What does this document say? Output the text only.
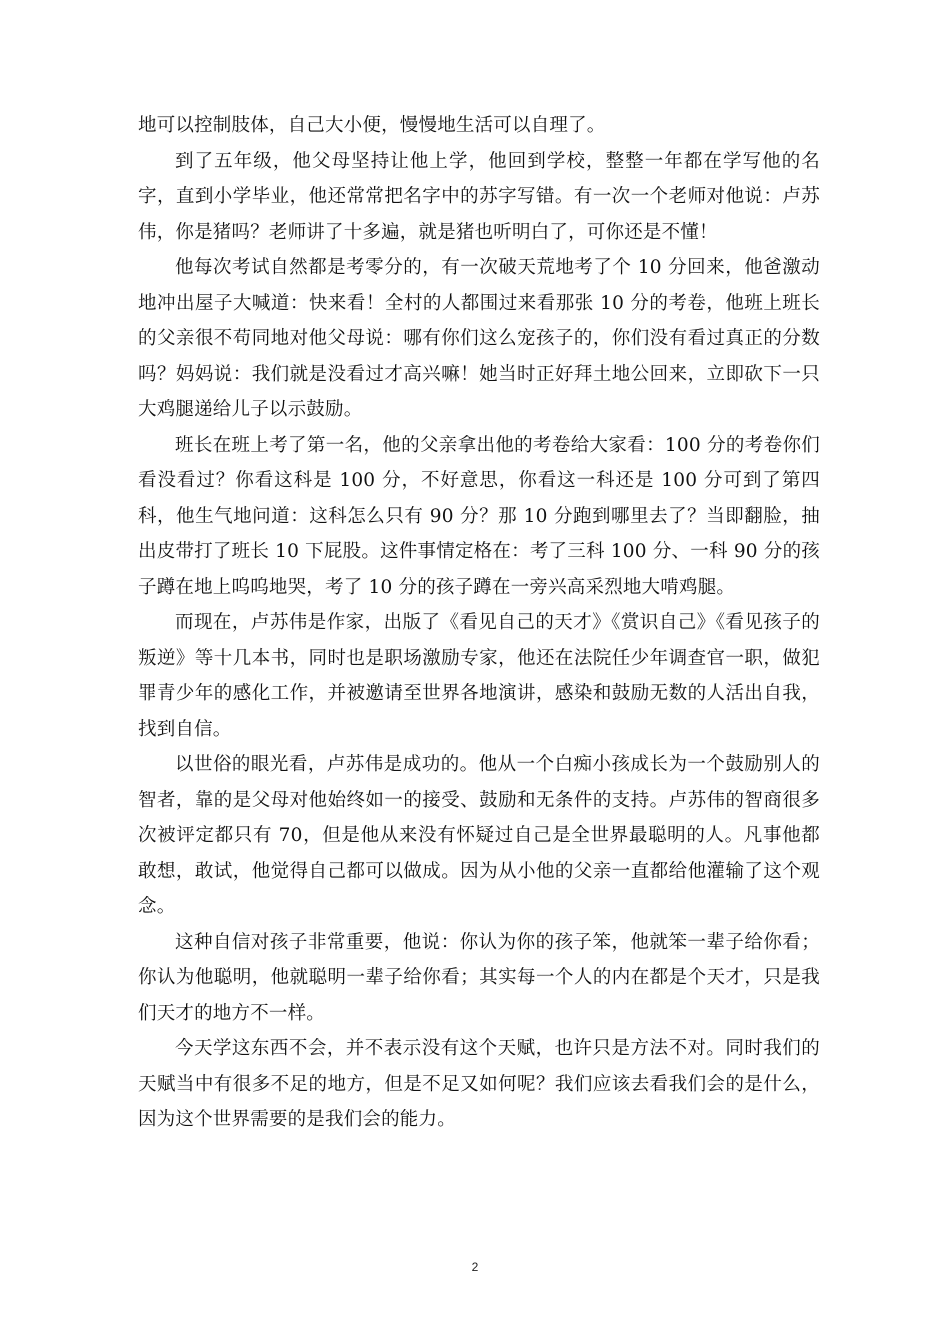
地可以控制肢体，自己大小便，慢慢地生活可以自理了。

到了五年级，他父母坚持让他上学，他回到学校，整整一年都在学写他的名字，直到小学毕业，他还常常把名字中的苏字写错。有一次一个老师对他说：卢苏伟，你是猪吗？老师讲了十多遍，就是猪也听明白了，可你还是不懂！

他每次考试自然都是考零分的，有一次破天荒地考了个 10 分回来，他爸激动地冲出屋子大喊道：快来看！全村的人都围过来看那张 10 分的考卷，他班上班长的父亲很不苟同地对他父母说：哪有你们这么宠孩子的，你们没有看过真正的分数吗？妈妈说：我们就是没看过才高兴嘛！她当时正好拜土地公回来，立即砍下一只大鸡腿递给儿子以示鼓励。

班长在班上考了第一名，他的父亲拿出他的考卷给大家看：100 分的考卷你们看没看过？你看这科是 100 分，不好意思，你看这一科还是 100 分可到了第四科，他生气地问道：这科怎么只有 90 分？那 10 分跑到哪里去了？当即翻脸，抽出皮带打了班长 10 下屁股。这件事情定格在：考了三科 100 分、一科 90 分的孩子蹲在地上呜呜地哭，考了 10 分的孩子蹲在一旁兴高采烈地大啃鸡腿。

而现在，卢苏伟是作家，出版了《看见自己的天才》《赏识自己》《看见孩子的叛逆》等十几本书，同时也是职场激励专家，他还在法院任少年调查官一职，做犯罪青少年的感化工作，并被邀请至世界各地演讲，感染和鼓励无数的人活出自我，找到自信。

以世俗的眼光看，卢苏伟是成功的。他从一个白痴小孩成长为一个鼓励别人的智者，靠的是父母对他始终如一的接受、鼓励和无条件的支持。卢苏伟的智商很多次被评定都只有 70，但是他从来没有怀疑过自己是全世界最聪明的人。凡事他都敢想，敢试，他觉得自己都可以做成。因为从小他的父亲一直都给他灌输了这个观念。

这种自信对孩子非常重要，他说：你认为你的孩子笨，他就笨一辈子给你看；你认为他聪明，他就聪明一辈子给你看；其实每一个人的内在都是个天才，只是我们天才的地方不一样。

今天学这东西不会，并不表示没有这个天赋，也许只是方法不对。同时我们的天赋当中有很多不足的地方，但是不足又如何呢？我们应该去看我们会的是什么，因为这个世界需要的是我们会的能力。

2
